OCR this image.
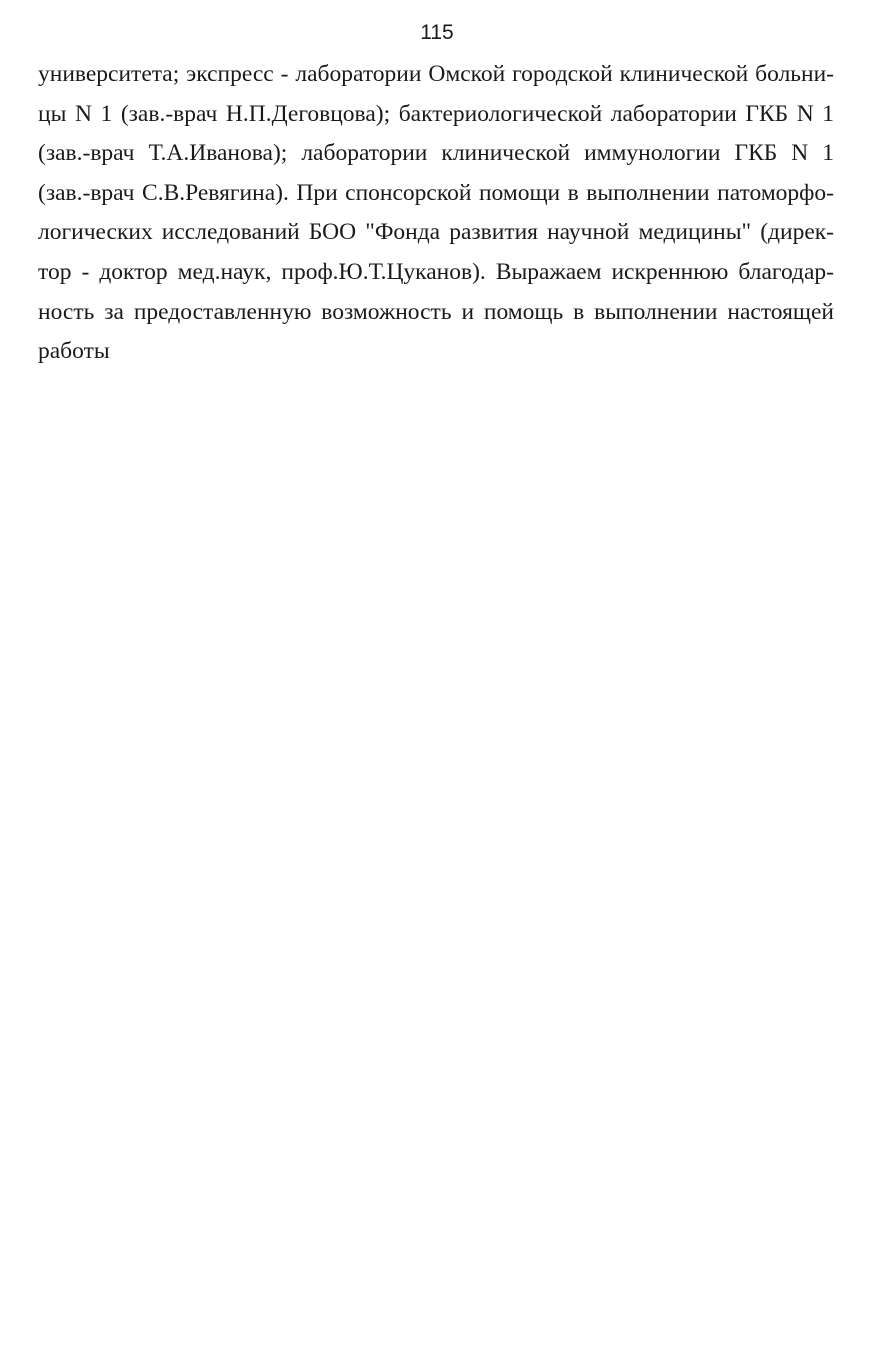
115
университета; экспресс - лаборатории Омской городской клинической больни-
цы N 1 (зав.-врач Н.П.Деговцова); бактериологической лаборатории ГКБ N 1
(зав.-врач Т.А.Иванова); лаборатории клинической иммунологии ГКБ N 1
(зав.-врач С.В.Ревягина). При спонсорской помощи в выполнении патоморфо-
логических исследований БОО "Фонда развития научной медицины" (дирек-
тор - доктор мед.наук, проф.Ю.Т.Цуканов). Выражаем искреннюю благодар-
ность за предоставленную возможность и помощь в выполнении настоящей
работы
